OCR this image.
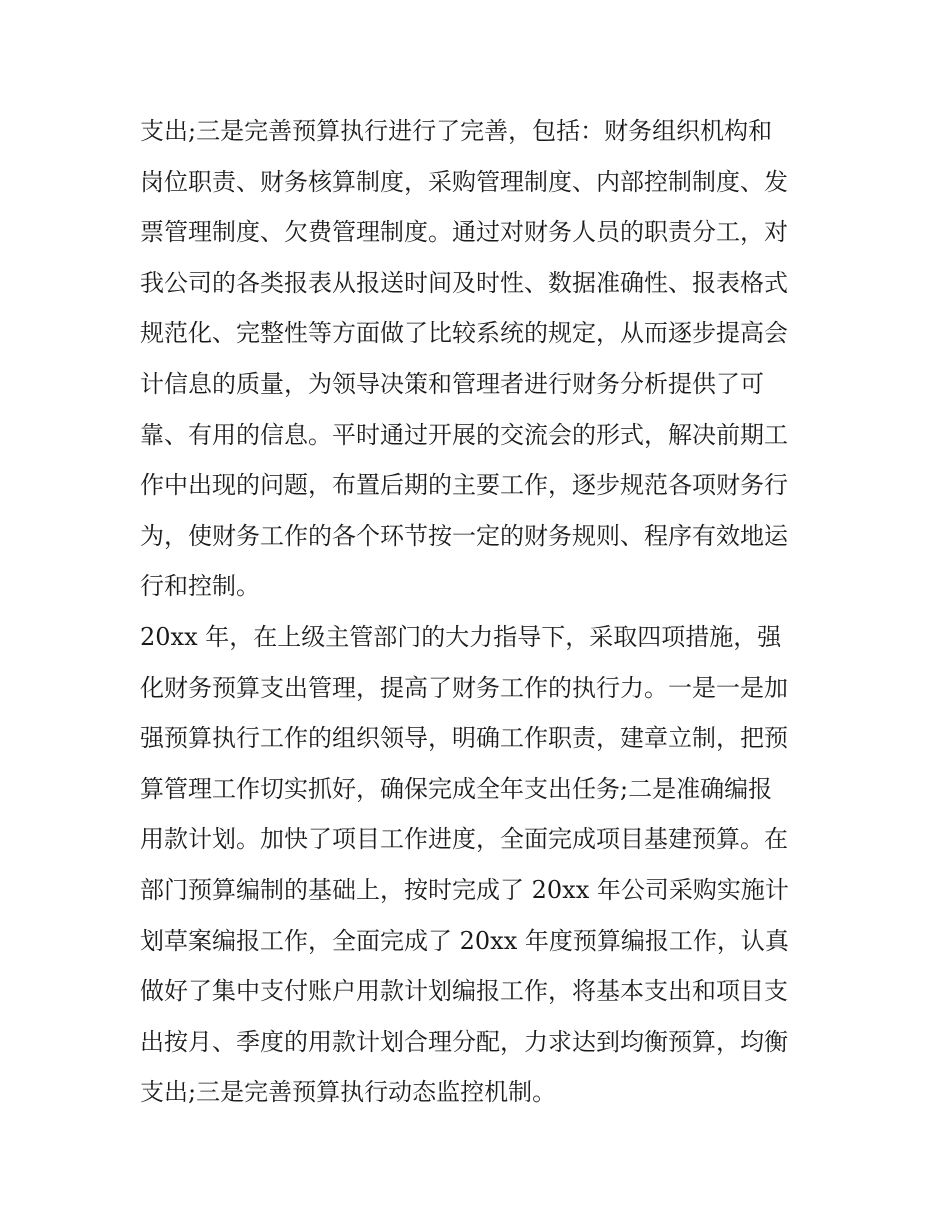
支出;三是完善预算执行进行了完善，包括：财务组织机构和
岗位职责、财务核算制度，采购管理制度、内部控制制度、发
票管理制度、欠费管理制度。通过对财务人员的职责分工，对
我公司的各类报表从报送时间及时性、数据准确性、报表格式
规范化、完整性等方面做了比较系统的规定，从而逐步提高会
计信息的质量，为领导决策和管理者进行财务分析提供了可
靠、有用的信息。平时通过开展的交流会的形式，解决前期工
作中出现的问题，布置后期的主要工作，逐步规范各项财务行
为，使财务工作的各个环节按一定的财务规则、程序有效地运
行和控制。
20xx 年，在上级主管部门的大力指导下，采取四项措施，强
化财务预算支出管理，提高了财务工作的执行力。一是一是加
强预算执行工作的组织领导，明确工作职责，建章立制，把预
算管理工作切实抓好，确保完成全年支出任务;二是准确编报
用款计划。加快了项目工作进度，全面完成项目基建预算。在
部门预算编制的基础上，按时完成了 20xx 年公司采购实施计
划草案编报工作，全面完成了 20xx 年度预算编报工作，认真
做好了集中支付账户用款计划编报工作，将基本支出和项目支
出按月、季度的用款计划合理分配，力求达到均衡预算，均衡
支出;三是完善预算执行动态监控机制。
